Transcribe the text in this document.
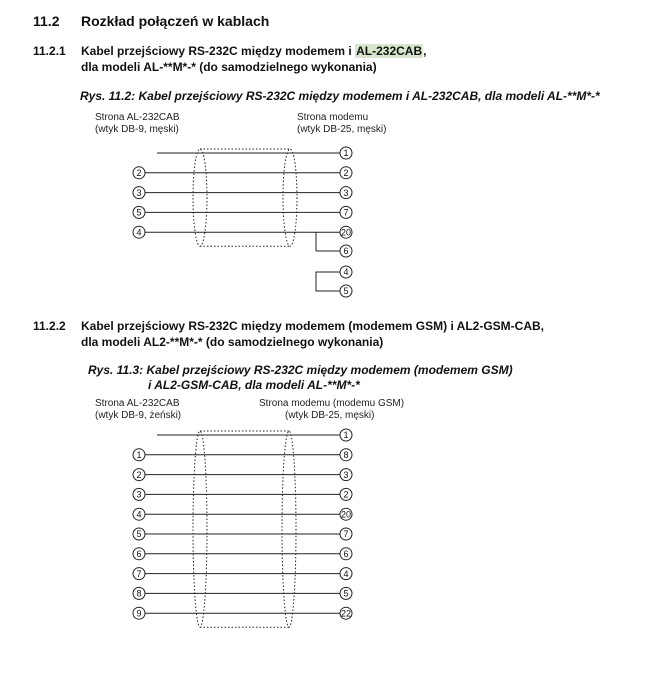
11.2 Rozkład połączeń w kablach
11.2.1 Kabel przejściowy RS-232C między modemem i AL-232CAB,
dla modeli AL-**M*-* (do samodzielnego wykonania)
Rys. 11.2: Kabel przejściowy RS-232C między modemem i AL-232CAB, dla modeli AL-**M*-*
Strona AL-232CAB
(wtyk DB-9, męski)
Strona modemu
(wtyk DB-25, męski)
11.2.2 Kabel przejściowy RS-232C między modemem (modemem GSM) i AL2-GSM-CAB,
dla modeli AL2-**M*-* (do samodzielnego wykonania)
Rys. 11.3: Kabel przejściowy RS-232C między modemem (modemem GSM)
i AL2-GSM-CAB, dla modeli AL-**M*-*
Strona AL-232CAB
(wtyk DB-9, żeński)
Strona modemu (modemu GSM)
(wtyk DB-25, męski)
1
2	2
3	3
5	7
4	20
6
4
5
1
1	8
2	3
3	2
4	20
5	7
6	6
7	4
8	5
9	22
